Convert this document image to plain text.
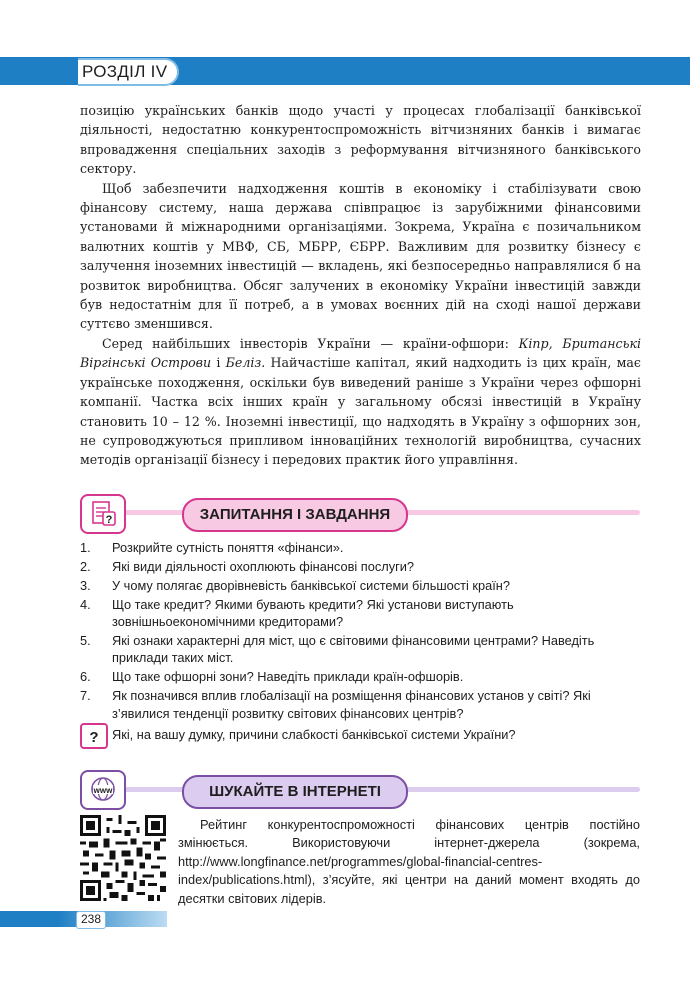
РОЗДІЛ IV

позицію українських банків щодо участі у процесах глобалізації банківської діяльності, недостатню конкурентоспроможність вітчизняних банків і вимагає впровадження спеціальних заходів з реформування вітчизняного банківського сектору.

Щоб забезпечити надходження коштів в економіку і стабілізувати свою фінансову систему, наша держава співпрацює із зарубіжними фінансовими установами й міжнародними організаціями. Зокрема, Україна є позичальником валютних коштів у МВФ, СБ, МБРР, ЄБРР. Важливим для розвитку бізнесу є залучення іноземних інвестицій — вкладень, які безпосередньо направлялися б на розвиток виробництва. Обсяг залучених в економіку України інвестицій завжди був недостатнім для її потреб, а в умовах воєнних дій на сході нашої держави суттєво зменшився.

Серед найбільших інвесторів України — країни-офшори: Кіпр, Британські Віргінські Острови і Беліз. Найчастіше капітал, який надходить із цих країн, має українське походження, оскільки був виведений раніше з України через офшорні компанії. Частка всіх інших країн у загальному обсязі інвестицій в Україну становить 10 – 12 %. Іноземні інвестиції, що надходять в Україну з офшорних зон, не супроводжуються припливом інноваційних технологій виробництва, сучасних методів організації бізнесу і передових практик його управління.

?	ЗАПИТАННЯ І ЗАВДАННЯ
1. Розкрийте сутність поняття «фінанси».
2. Які види діяльності охоплюють фінансові послуги?
3. У чому полягає дворівневість банківської системи більшості країн?
4. Що таке кредит? Якими бувають кредити? Які установи виступають зовнішньоекономічними кредиторами?
5. Які ознаки характерні для міст, що є світовими фінансовими центрами? Наведіть приклади таких міст.
6. Що таке офшорні зони? Наведіть приклади країн-офшорів.
7. Як позначився вплив глобалізації на розміщення фінансових установ у світі? Які з’явилися тенденції розвитку світових фінансових центрів?
? Які, на вашу думку, причини слабкості банківської системи України?
www	ШУКАЙТЕ В ІНТЕРНЕТІ

Рейтинг конкурентоспроможності фінансових центрів постійно змінюється. Використовуючи інтернет-джерела (зокрема, http://www.longfinance.net/programmes/global-financial-centres-index/publications.html), з’ясуйте, які центри на даний момент входять до десятки світових лідерів.

238
